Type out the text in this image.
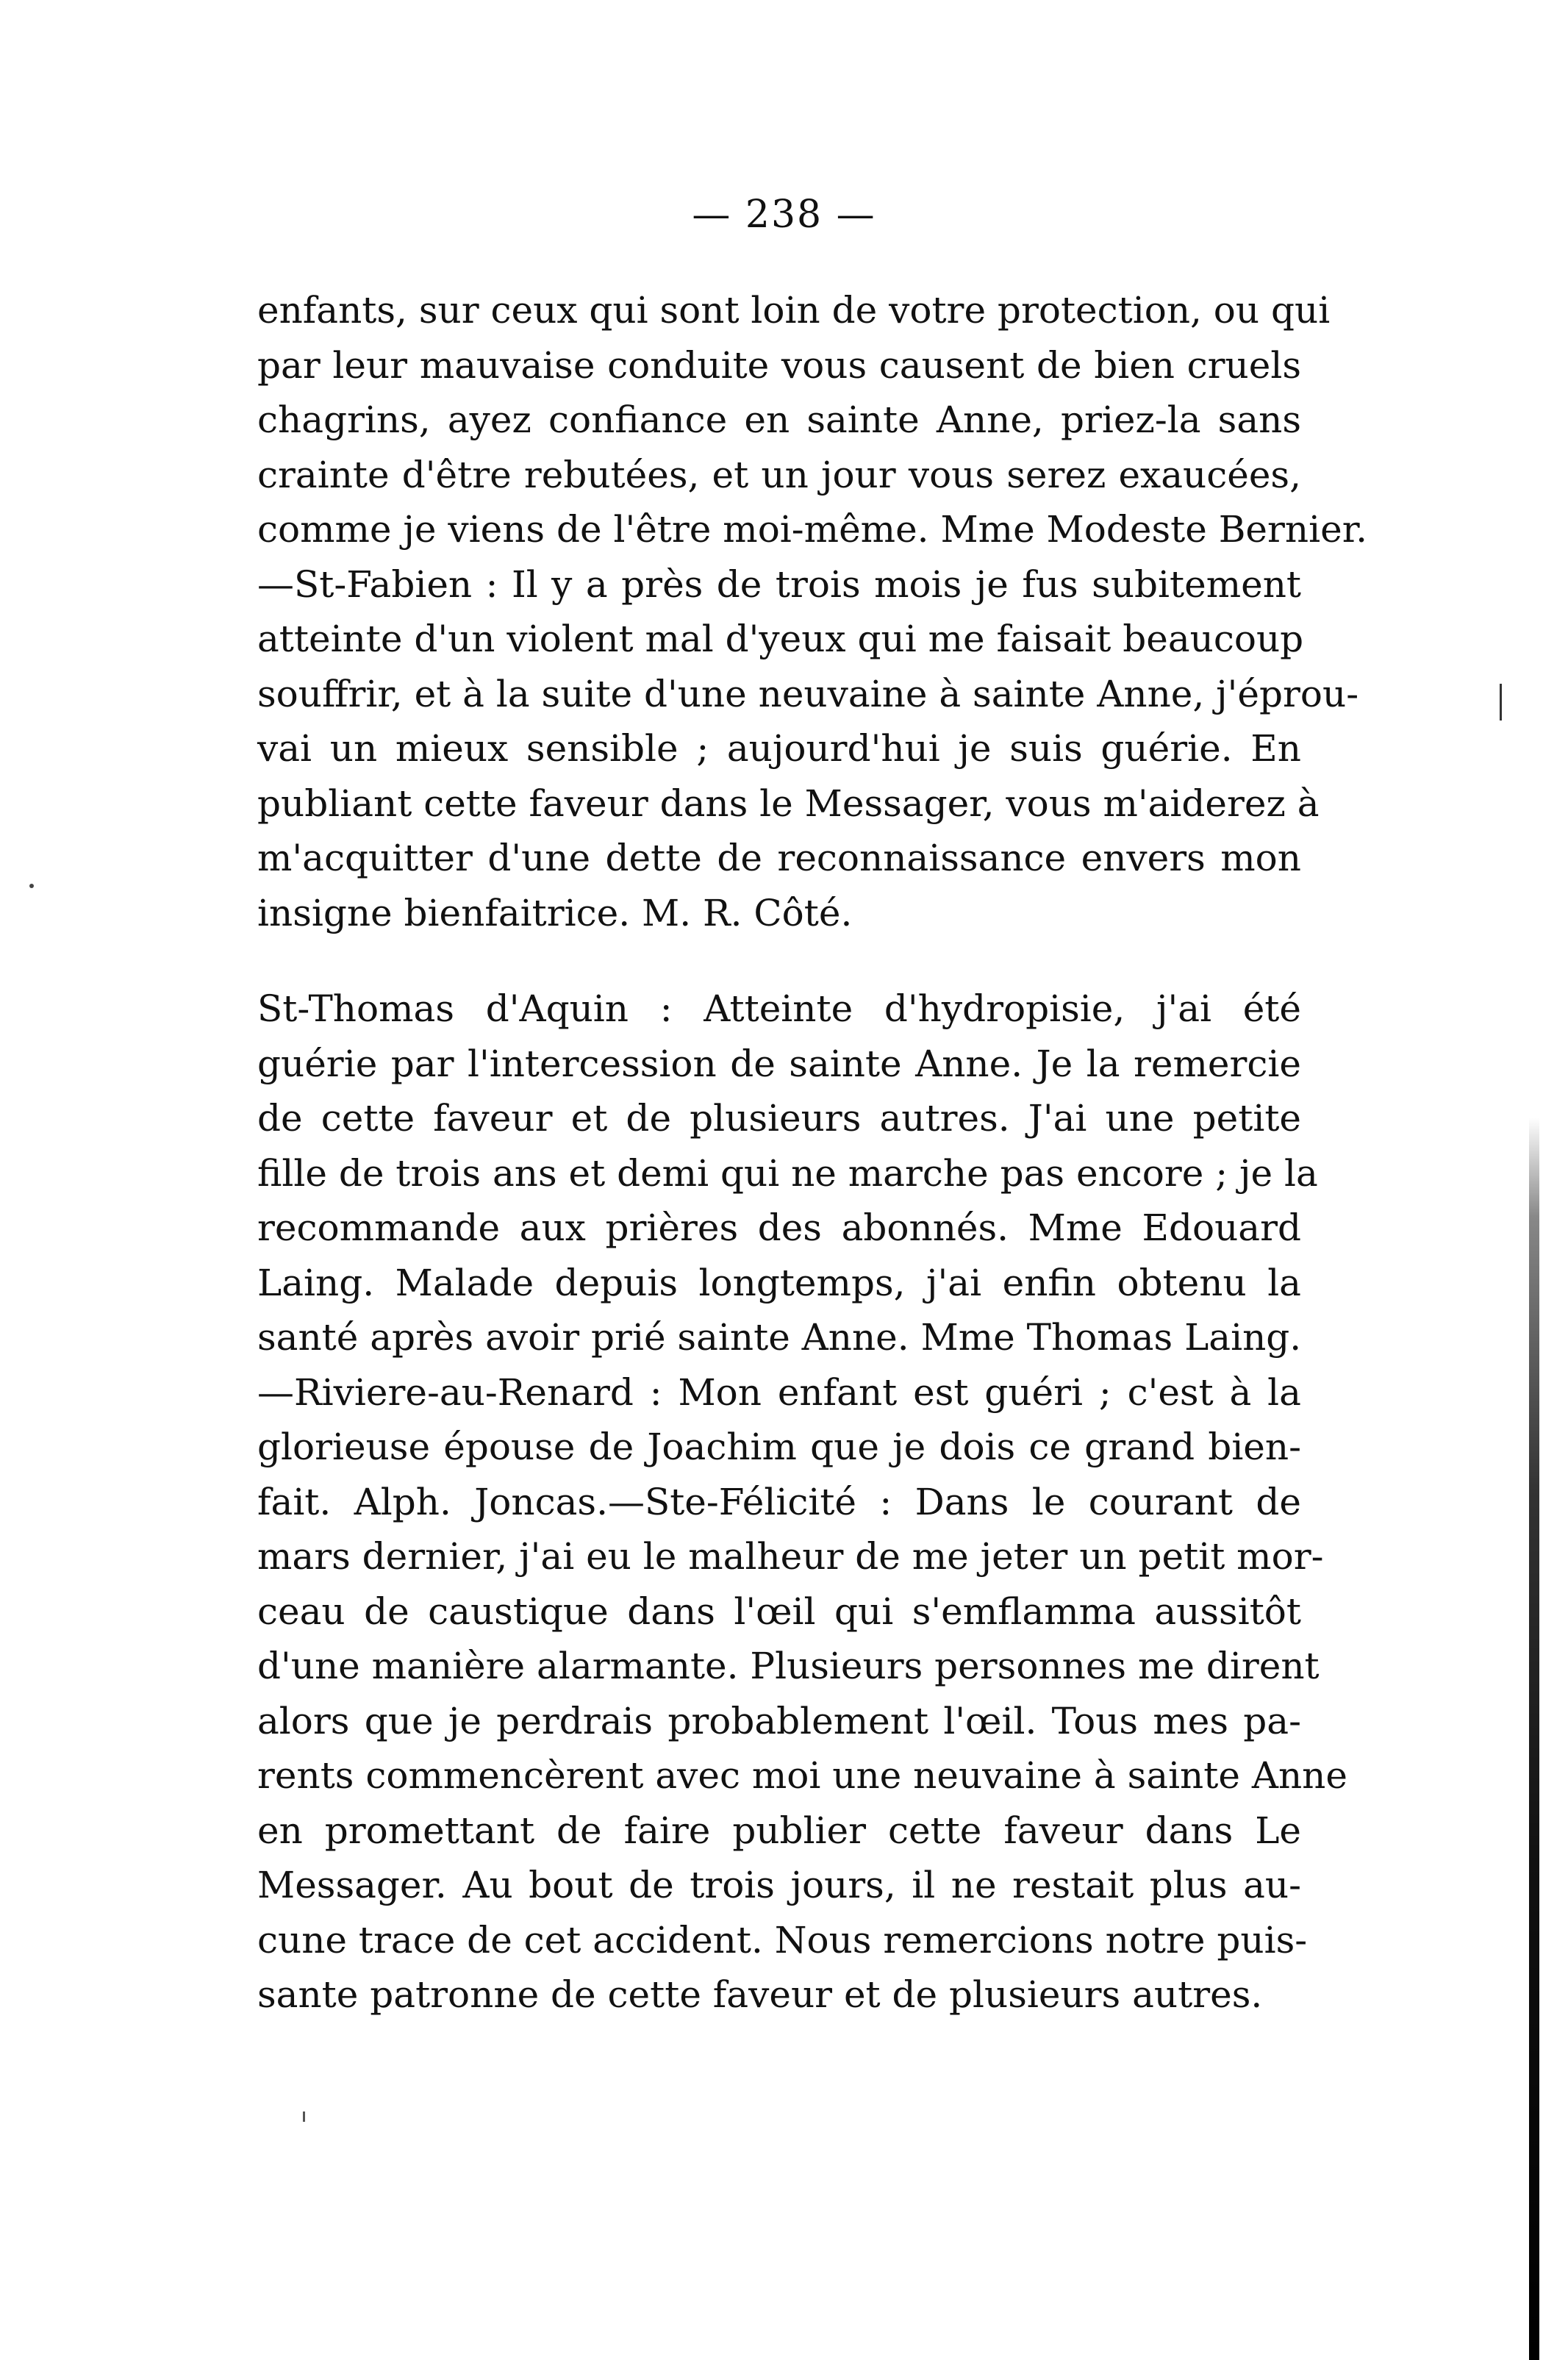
— 238 —
enfants, sur ceux qui sont loin de votre protection, ou qui
par leur mauvaise conduite vous causent de bien cruels
chagrins, ayez confiance en sainte Anne, priez-la sans
crainte d'être rebutées, et un jour vous serez exaucées,
comme je viens de l'être moi-même. Mme Modeste Bernier.
—St-Fabien : Il y a près de trois mois je fus subitement
atteinte d'un violent mal d'yeux qui me faisait beaucoup
souffrir, et à la suite d'une neuvaine à sainte Anne, j'éprou-
vai un mieux sensible ; aujourd'hui je suis guérie. En
publiant cette faveur dans le Messager, vous m'aiderez à
m'acquitter d'une dette de reconnaissance envers mon
insigne bienfaitrice. M. R. Côté.
St-Thomas d'Aquin : Atteinte d'hydropisie, j'ai été
guérie par l'intercession de sainte Anne. Je la remercie
de cette faveur et de plusieurs autres. J'ai une petite
fille de trois ans et demi qui ne marche pas encore ; je la
recommande aux prières des abonnés. Mme Edouard
Laing. Malade depuis longtemps, j'ai enfin obtenu la
santé après avoir prié sainte Anne. Mme Thomas Laing.
—Riviere-au-Renard : Mon enfant est guéri ; c'est à la
glorieuse épouse de Joachim que je dois ce grand bien-
fait. Alph. Joncas.—Ste-Félicité : Dans le courant de
mars dernier, j'ai eu le malheur de me jeter un petit mor-
ceau de caustique dans l'œil qui s'emflamma aussitôt
d'une manière alarmante. Plusieurs personnes me dirent
alors que je perdrais probablement l'œil. Tous mes pa-
rents commencèrent avec moi une neuvaine à sainte Anne
en promettant de faire publier cette faveur dans Le
Messager. Au bout de trois jours, il ne restait plus au-
cune trace de cet accident. Nous remercions notre puis-
sante patronne de cette faveur et de plusieurs autres.
